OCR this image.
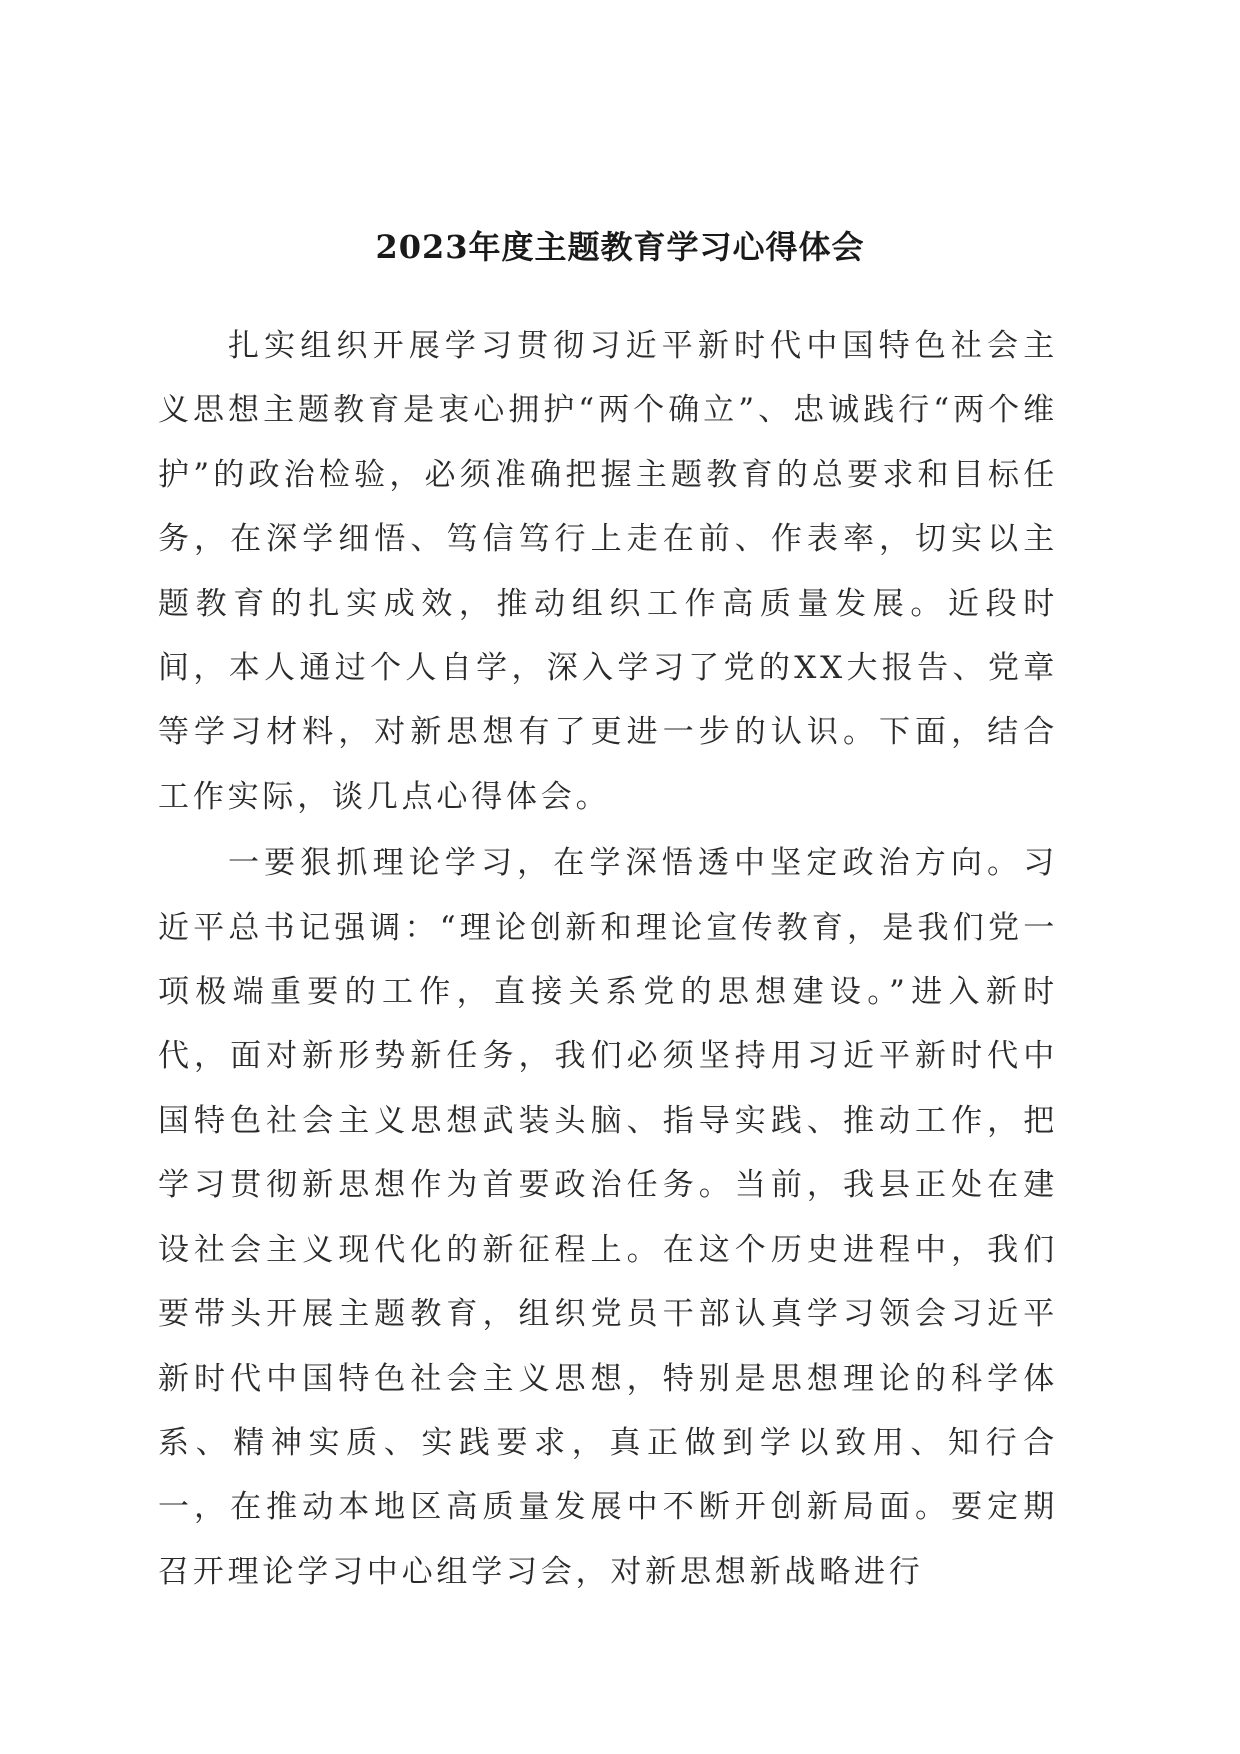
2023年度主题教育学习心得体会

扎实组织开展学习贯彻习近平新时代中国特色社会主义思想主题教育是衷心拥护“两个确立”、忠诚践行“两个维护”的政治检验，必须准确把握主题教育的总要求和目标任务，在深学细悟、笃信笃行上走在前、作表率，切实以主题教育的扎实成效，推动组织工作高质量发展。近段时间，本人通过个人自学，深入学习了党的XX大报告、党章等学习材料，对新思想有了更进一步的认识。下面，结合工作实际，谈几点心得体会。

一要狠抓理论学习，在学深悟透中坚定政治方向。习近平总书记强调：“理论创新和理论宣传教育，是我们党一项极端重要的工作，直接关系党的思想建设。”进入新时代，面对新形势新任务，我们必须坚持用习近平新时代中国特色社会主义思想武装头脑、指导实践、推动工作，把学习贯彻新思想作为首要政治任务。当前，我县正处在建设社会主义现代化的新征程上。在这个历史进程中，我们要带头开展主题教育，组织党员干部认真学习领会习近平新时代中国特色社会主义思想，特别是思想理论的科学体系、精神实质、实践要求，真正做到学以致用、知行合一，在推动本地区高质量发展中不断开创新局面。要定期召开理论学习中心组学习会，对新思想新战略进行
